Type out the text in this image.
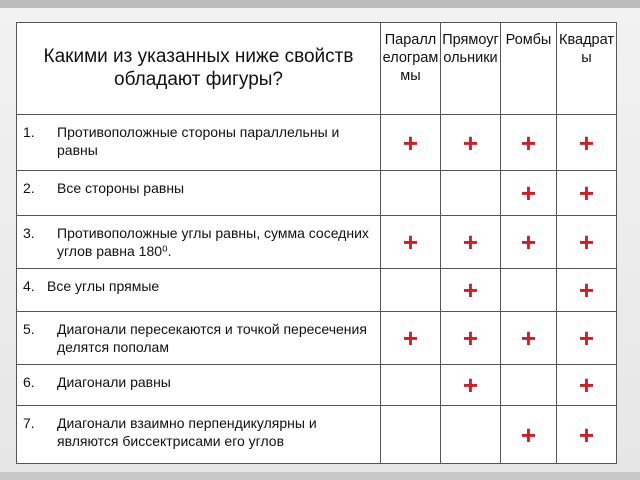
Какими из указанных ниже свойств обладают фигуры?	Параллелограммы	Прямоугольники	Ромбы	Квадраты

1. Противоположные стороны параллельны и равны	+	+	+	+

2. Все стороны равны			+	+

3. Противоположные углы равны, сумма соседних углов равна 180⁰.	+	+	+	+

4. Все углы прямые		+		+

5. Диагонали пересекаются и точкой пересечения делятся пополам	+	+	+	+

6. Диагонали равны		+		+

7. Диагонали взаимно перпендикулярны и являются биссектрисами его углов			+	+
